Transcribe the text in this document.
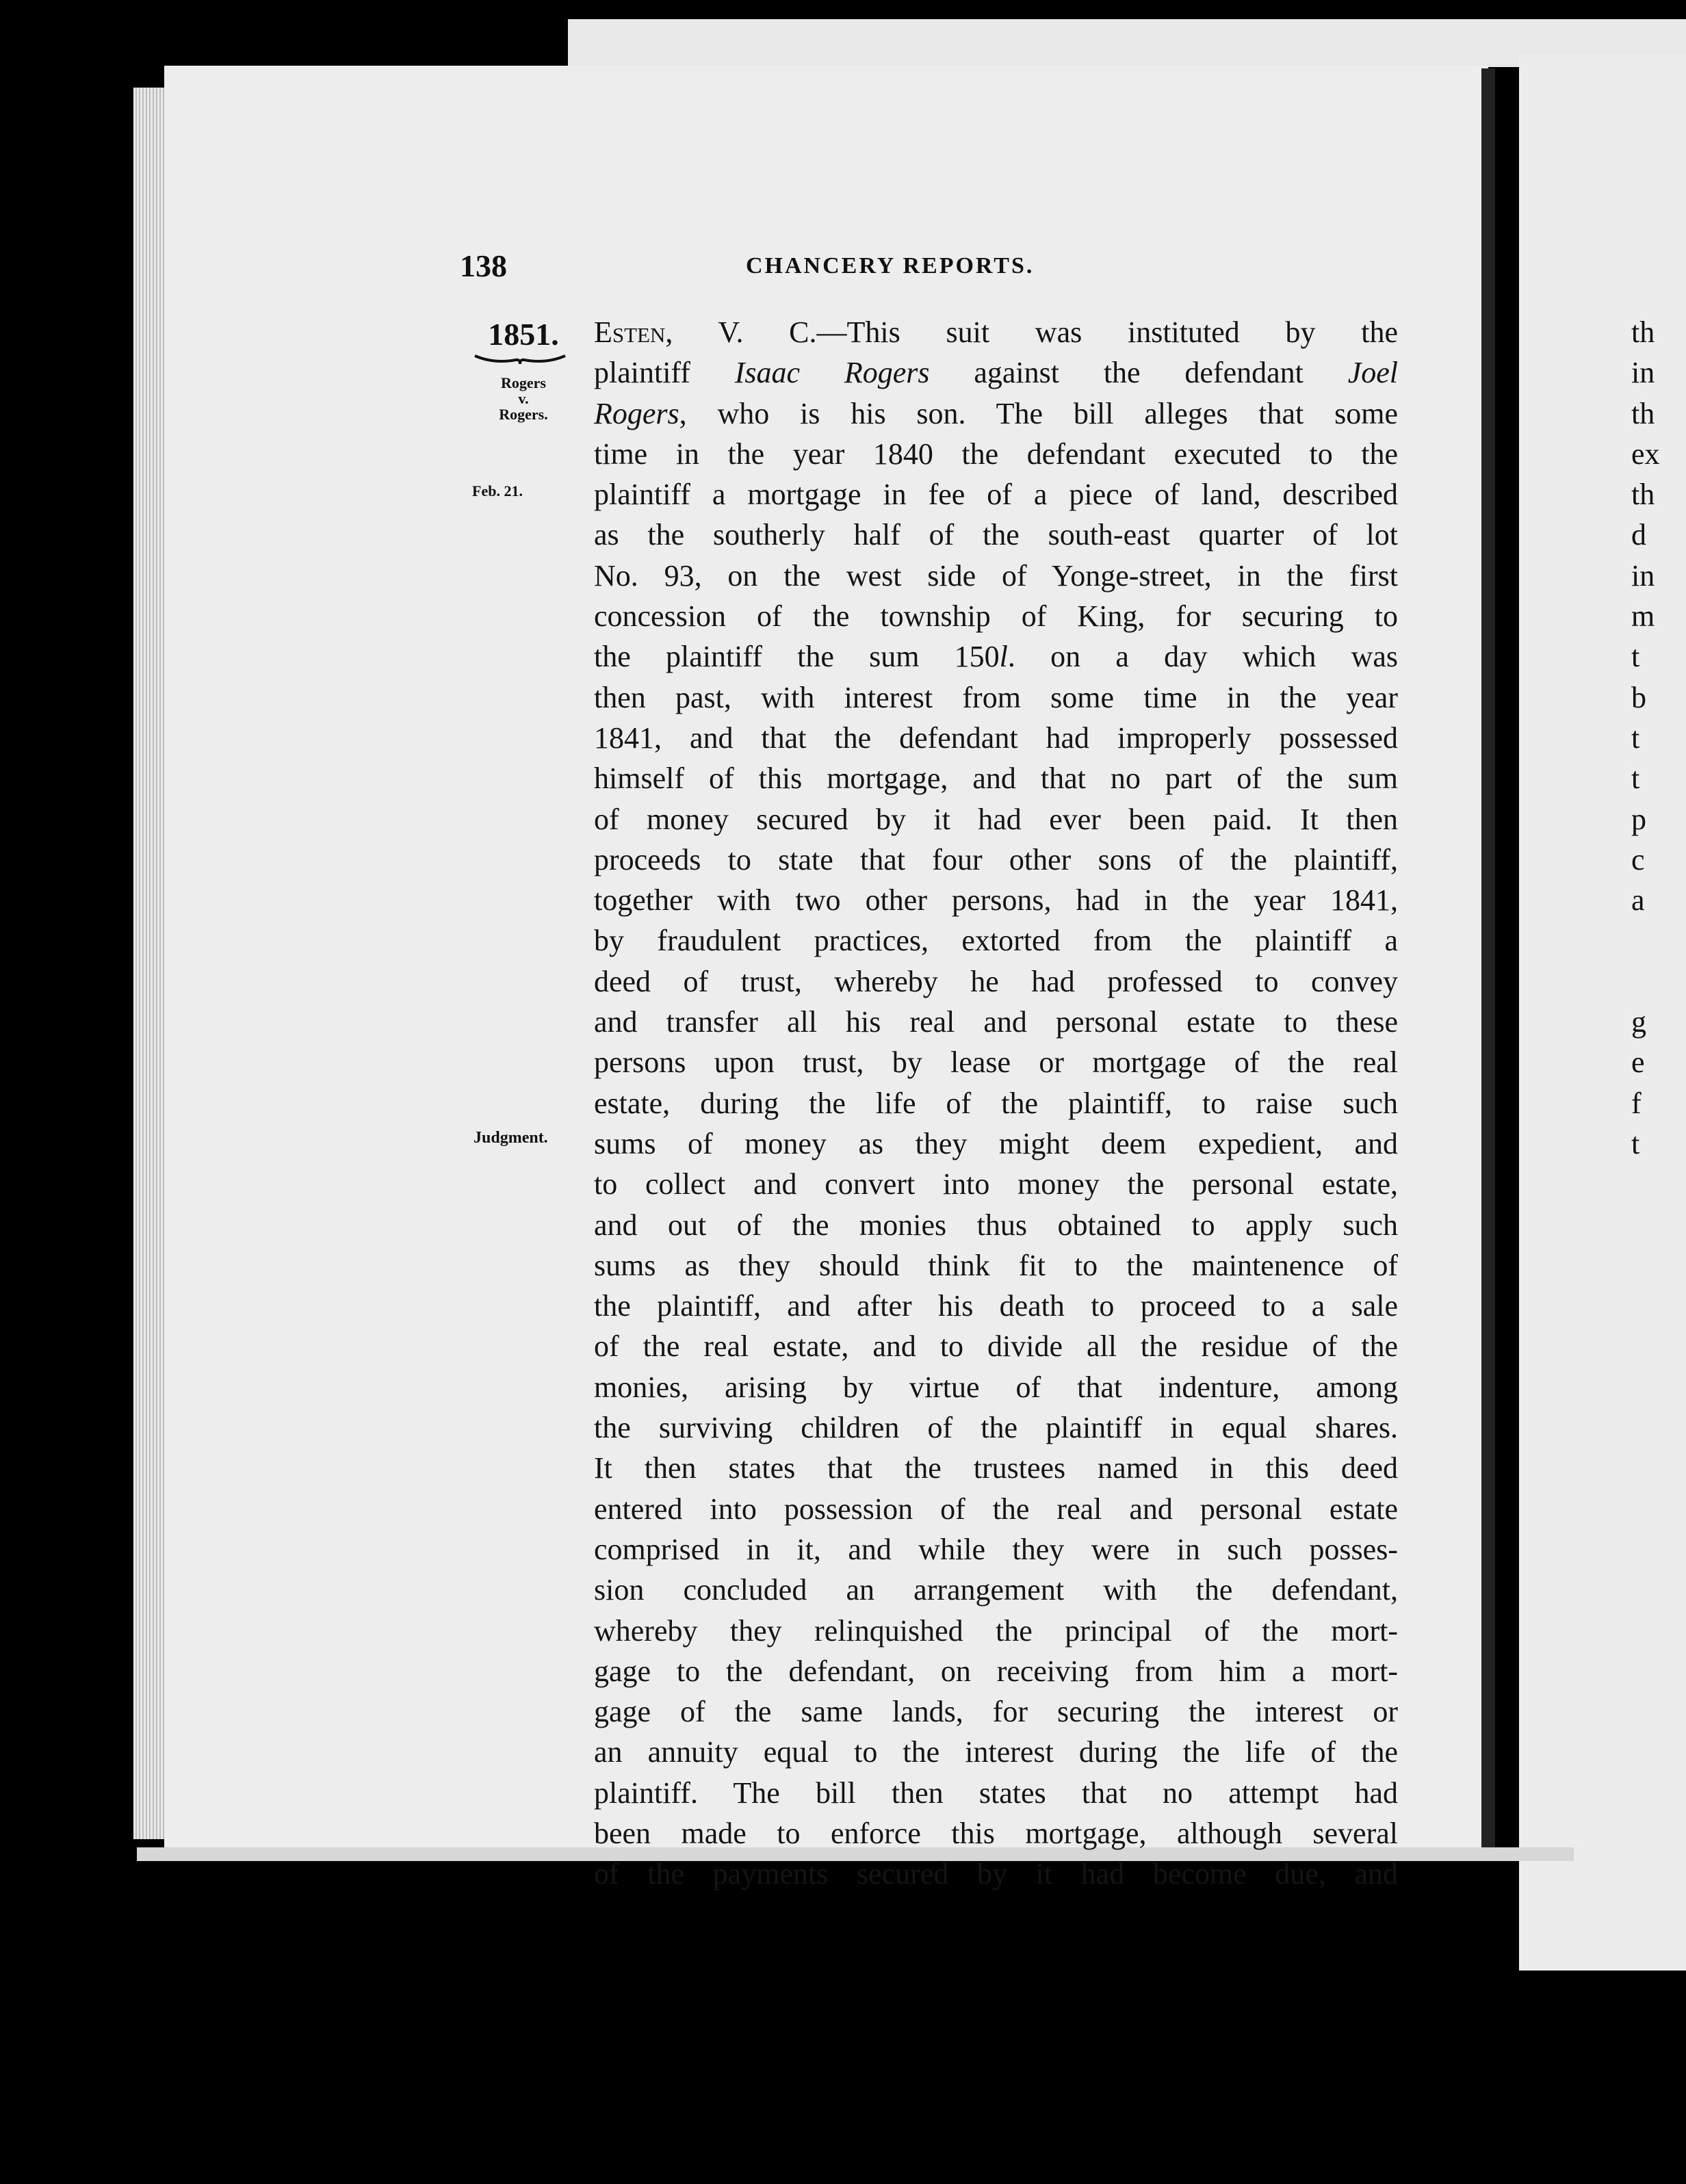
138	CHANCERY REPORTS.
1851.
Rogers
v.
Rogers.
Feb. 21.
Judgment.
Esten, V. C.—This suit was instituted by the
plaintiff Isaac Rogers against the defendant Joel
Rogers, who is his son. The bill alleges that some
time in the year 1840 the defendant executed to the
plaintiff a mortgage in fee of a piece of land, described
as the southerly half of the south-east quarter of lot
No. 93, on the west side of Yonge-street, in the first
concession of the township of King, for securing to
the plaintiff the sum 150l. on a day which was
then past, with interest from some time in the year
1841, and that the defendant had improperly possessed
himself of this mortgage, and that no part of the sum
of money secured by it had ever been paid. It then
proceeds to state that four other sons of the plaintiff,
together with two other persons, had in the year 1841,
by fraudulent practices, extorted from the plaintiff a
deed of trust, whereby he had professed to convey
and transfer all his real and personal estate to these
persons upon trust, by lease or mortgage of the real
estate, during the life of the plaintiff, to raise such
sums of money as they might deem expedient, and
to collect and convert into money the personal estate,
and out of the monies thus obtained to apply such
sums as they should think fit to the maintenence of
the plaintiff, and after his death to proceed to a sale
of the real estate, and to divide all the residue of the
monies, arising by virtue of that indenture, among
the surviving children of the plaintiff in equal shares.
It then states that the trustees named in this deed
entered into possession of the real and personal estate
comprised in it, and while they were in such posses-
sion concluded an arrangement with the defendant,
whereby they relinquished the principal of the mort-
gage to the defendant, on receiving from him a mort-
gage of the same lands, for securing the interest or
an annuity equal to the interest during the life of the
plaintiff. The bill then states that no attempt had
been made to enforce this mortgage, although several
of the payments secured by it had become due, and
th
in
th
ex
th
d
in
m
t
b
t
t
p
c
a
g
e
f
t
